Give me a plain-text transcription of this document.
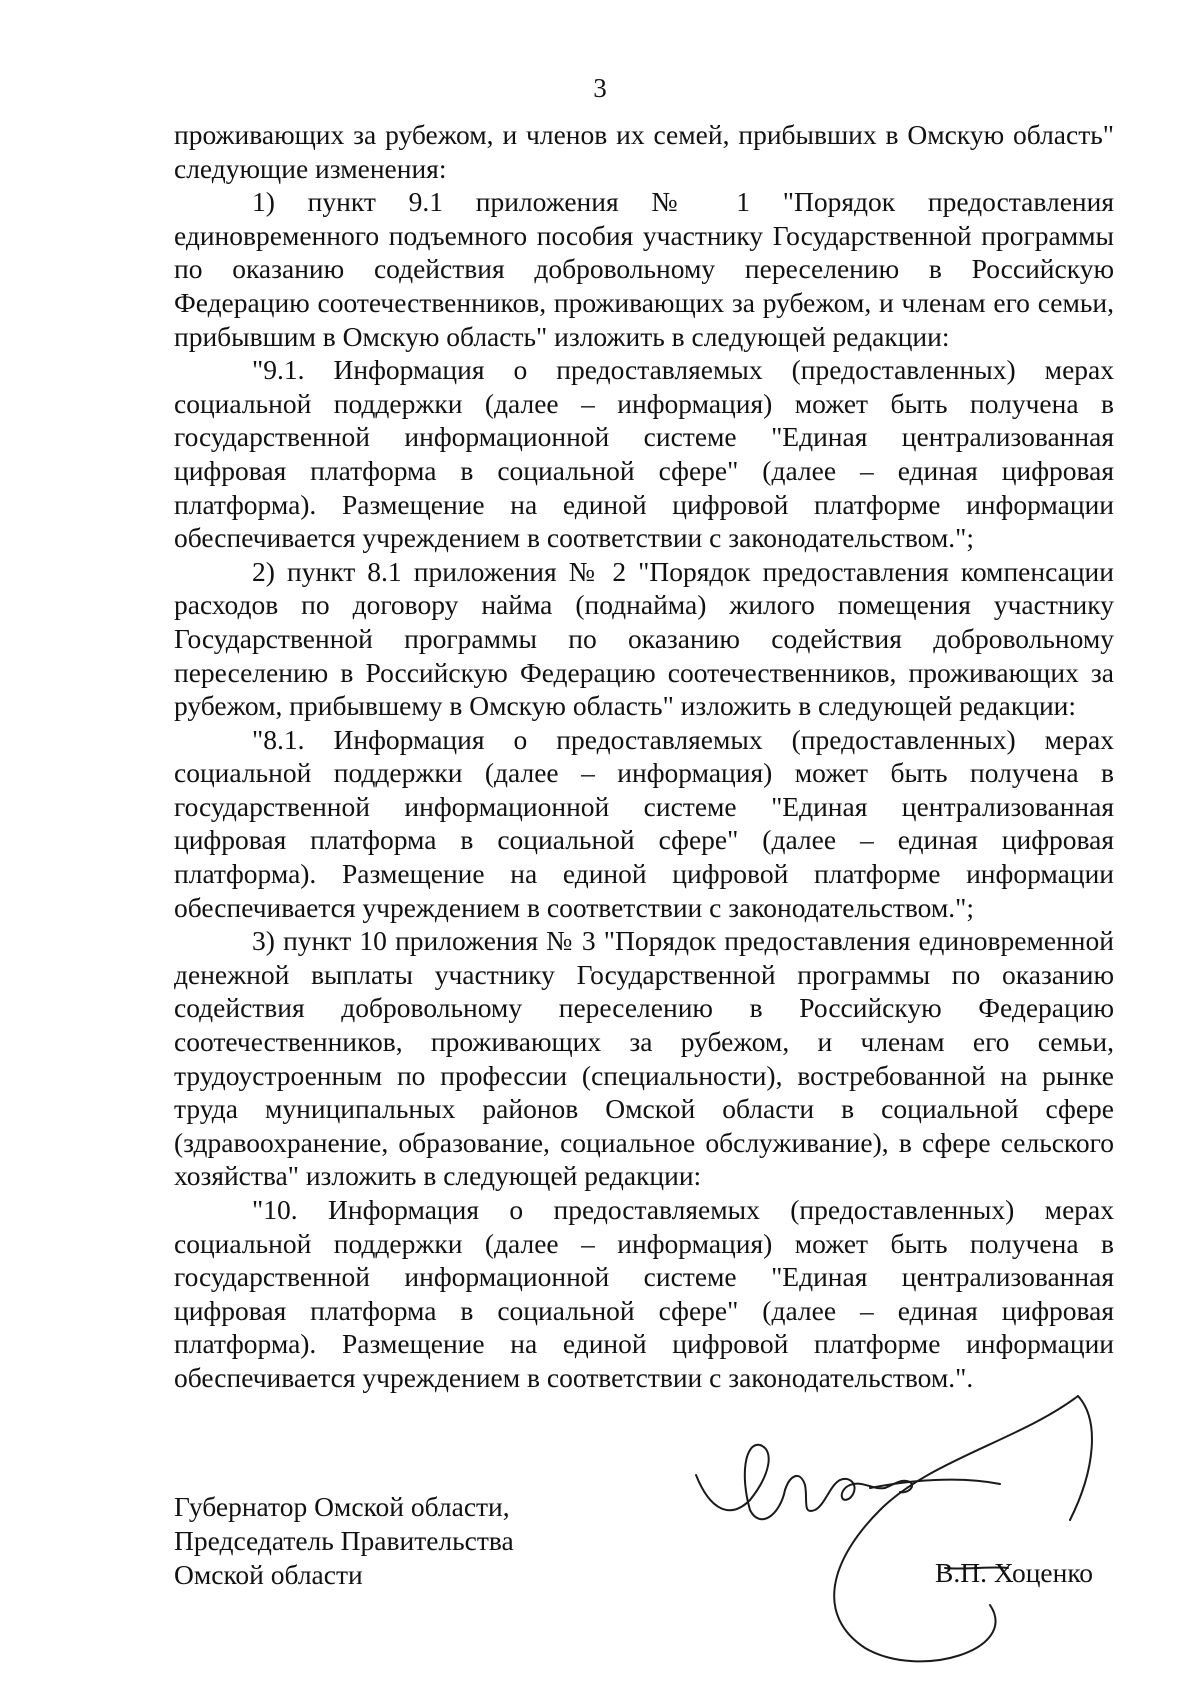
3

проживающих за рубежом, и членов их семей, прибывших в Омскую область" следующие изменения:

1) пункт 9.1 приложения № 1 "Порядок предоставления единовременного подъемного пособия участнику Государственной программы по оказанию содействия добровольному переселению в Российскую Федерацию соотечественников, проживающих за рубежом, и членам его семьи, прибывшим в Омскую область" изложить в следующей редакции:

"9.1. Информация о предоставляемых (предоставленных) мерах социальной поддержки (далее – информация) может быть получена в государственной информационной системе "Единая централизованная цифровая платформа в социальной сфере" (далее – единая цифровая платформа). Размещение на единой цифровой платформе информации обеспечивается учреждением в соответствии с законодательством.";

2) пункт 8.1 приложения № 2 "Порядок предоставления компенсации расходов по договору найма (поднайма) жилого помещения участнику Государственной программы по оказанию содействия добровольному переселению в Российскую Федерацию соотечественников, проживающих за рубежом, прибывшему в Омскую область" изложить в следующей редакции:

"8.1. Информация о предоставляемых (предоставленных) мерах социальной поддержки (далее – информация) может быть получена в государственной информационной системе "Единая централизованная цифровая платформа в социальной сфере" (далее – единая цифровая платформа). Размещение на единой цифровой платформе информации обеспечивается учреждением в соответствии с законодательством.";

3) пункт 10 приложения № 3 "Порядок предоставления единовременной денежной выплаты участнику Государственной программы по оказанию содействия добровольному переселению в Российскую Федерацию соотечественников, проживающих за рубежом, и членам его семьи, трудоустроенным по профессии (специальности), востребованной на рынке труда муниципальных районов Омской области в социальной сфере (здравоохранение, образование, социальное обслуживание), в сфере сельского хозяйства" изложить в следующей редакции:

"10. Информация о предоставляемых (предоставленных) мерах социальной поддержки (далее – информация) может быть получена в государственной информационной системе "Единая централизованная цифровая платформа в социальной сфере" (далее – единая цифровая платформа). Размещение на единой цифровой платформе информации обеспечивается учреждением в соответствии с законодательством.".

Губернатор Омской области,
Председатель Правительства
Омской области	В.П. Хоценко
